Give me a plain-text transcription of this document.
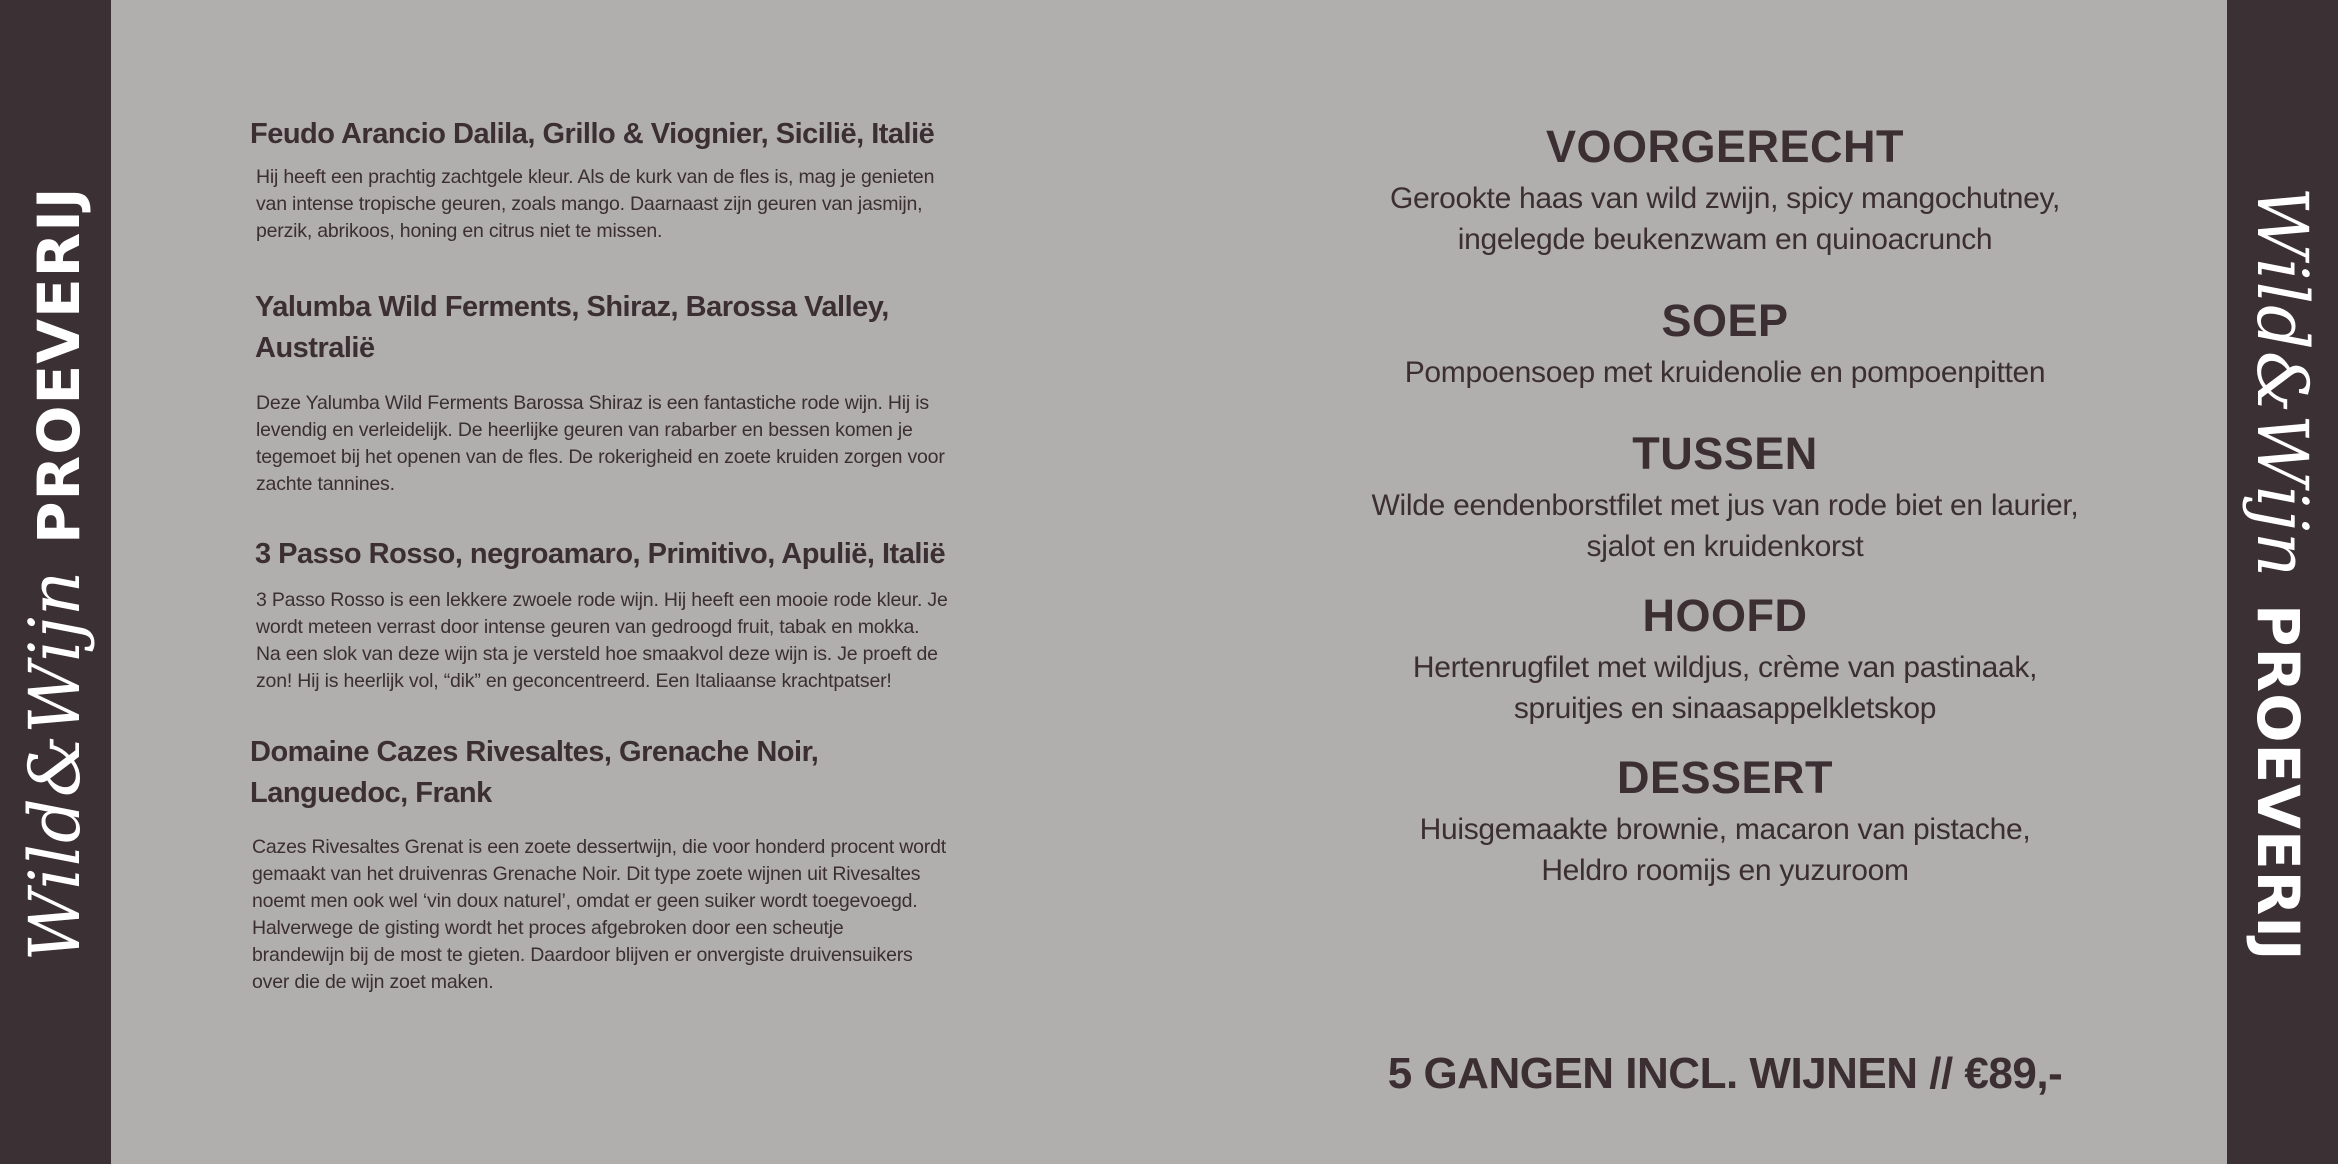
Wild&Wijn
PROEVERIJ	Wild&Wijn
PROEVERIJ
Feudo Arancio Dalila, Grillo & Viognier, Sicilië, Italië
Hij heeft een prachtig zachtgele kleur. Als de kurk van de fles is, mag je genieten
van intense tropische geuren, zoals mango. Daarnaast zijn geuren van jasmijn,
perzik, abrikoos, honing en citrus niet te missen.
Yalumba Wild Ferments, Shiraz, Barossa Valley,
Australië
Deze Yalumba Wild Ferments Barossa Shiraz is een fantastiche rode wijn. Hij is
levendig en verleidelijk. De heerlijke geuren van rabarber en bessen komen je
tegemoet bij het openen van de fles. De rokerigheid en zoete kruiden zorgen voor
zachte tannines.
3 Passo Rosso, negroamaro, Primitivo, Apulië, Italië
3 Passo Rosso is een lekkere zwoele rode wijn. Hij heeft een mooie rode kleur. Je
wordt meteen verrast door intense geuren van gedroogd fruit, tabak en mokka.
Na een slok van deze wijn sta je versteld hoe smaakvol deze wijn is. Je proeft de
zon! Hij is heerlijk vol, “dik” en geconcentreerd. Een Italiaanse krachtpatser!
Domaine Cazes Rivesaltes, Grenache Noir,
Languedoc, Frank
Cazes Rivesaltes Grenat is een zoete dessertwijn, die voor honderd procent wordt
gemaakt van het druivenras Grenache Noir. Dit type zoete wijnen uit Rivesaltes
noemt men ook wel ‘vin doux naturel’, omdat er geen suiker wordt toegevoegd.
Halverwege de gisting wordt het proces afgebroken door een scheutje
brandewijn bij de most te gieten. Daardoor blijven er onvergiste druivensuikers
over die de wijn zoet maken.
VOORGERECHT
Gerookte haas van wild zwijn, spicy mangochutney,
ingelegde beukenzwam en quinoacrunch
SOEP
Pompoensoep met kruidenolie en pompoenpitten
TUSSEN
Wilde eendenborstfilet met jus van rode biet en laurier,
sjalot en kruidenkorst
HOOFD
Hertenrugfilet met wildjus, crème van pastinaak,
spruitjes en sinaasappelkletskop
DESSERT
Huisgemaakte brownie, macaron van pistache,
Heldro roomijs en yuzuroom
5 GANGEN INCL. WIJNEN // €89,-
